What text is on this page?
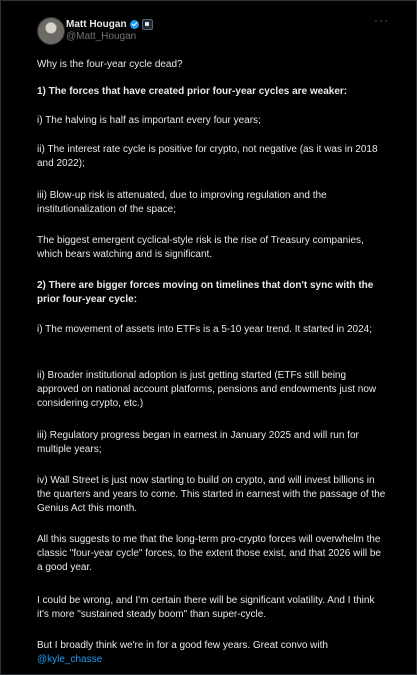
Matt Hougan
@Matt_Hougan
···

Why is the four-year cycle dead?

1) The forces that have created prior four-year cycles are weaker:

i) The halving is half as important every four years;

ii) The interest rate cycle is positive for crypto, not negative (as it was in 2018 and 2022);

iii) Blow-up risk is attenuated, due to improving regulation and the institutionalization of the space;

The biggest emergent cyclical-style risk is the rise of Treasury companies, which bears watching and is significant.

2) There are bigger forces moving on timelines that don't sync with the prior four-year cycle:

i) The movement of assets into ETFs is a 5-10 year trend. It started in 2024;

ii) Broader institutional adoption is just getting started (ETFs still being approved on national account platforms, pensions and endowments just now considering crypto, etc.)

iii) Regulatory progress began in earnest in January 2025 and will run for multiple years;

iv) Wall Street is just now starting to build on crypto, and will invest billions in the quarters and years to come. This started in earnest with the passage of the Genius Act this month.

All this suggests to me that the long-term pro-crypto forces will overwhelm the classic "four-year cycle" forces, to the extent those exist, and that 2026 will be a good year.

I could be wrong, and I'm certain there will be significant volatility. And I think it's more "sustained steady boom" than super-cycle.

But I broadly think we're in for a good few years. Great convo with
@kyle_chasse
